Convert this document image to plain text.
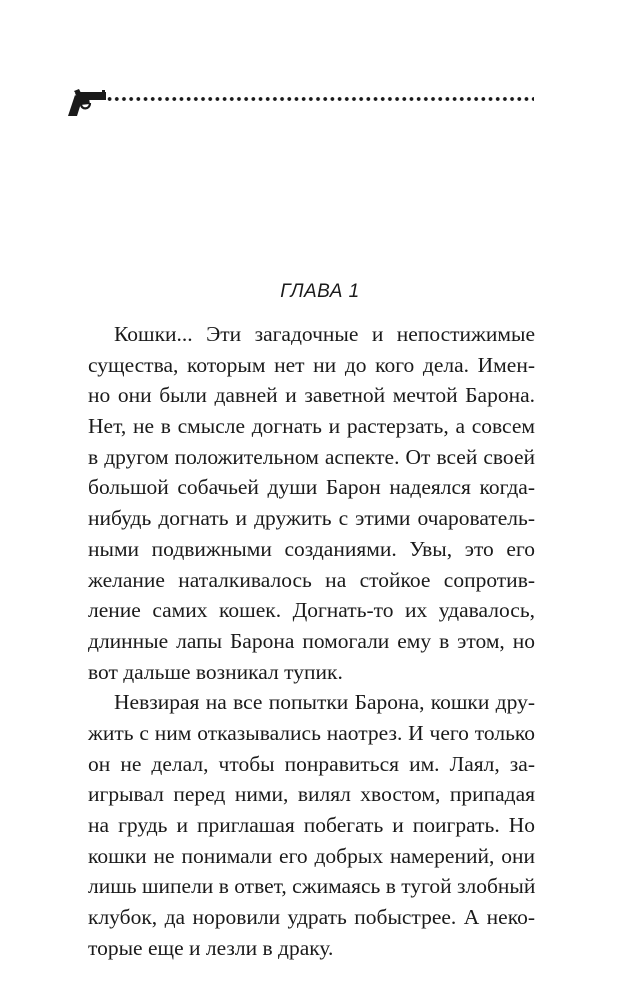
ГЛАВА 1
Кошки... Эти загадочные и непостижимые
существа, которым нет ни до кого дела. Имен-
но они были давней и заветной мечтой Барона.
Нет, не в смысле догнать и растерзать, а совсем
в другом положительном аспекте. От всей своей
большой собачьей души Барон надеялся когда-
нибудь догнать и дружить с этими очарователь-
ными подвижными созданиями. Увы, это его
желание наталкивалось на стойкое сопротив-
ление самих кошек. Догнать-то их удавалось,
длинные лапы Барона помогали ему в этом, но
вот дальше возникал тупик.
Невзирая на все попытки Барона, кошки дру-
жить с ним отказывались наотрез. И чего только
он не делал, чтобы понравиться им. Лаял, за-
игрывал перед ними, вилял хвостом, припадая
на грудь и приглашая побегать и поиграть. Но
кошки не понимали его добрых намерений, они
лишь шипели в ответ, сжимаясь в тугой злобный
клубок, да норовили удрать побыстрее. А неко-
торые еще и лезли в драку.
